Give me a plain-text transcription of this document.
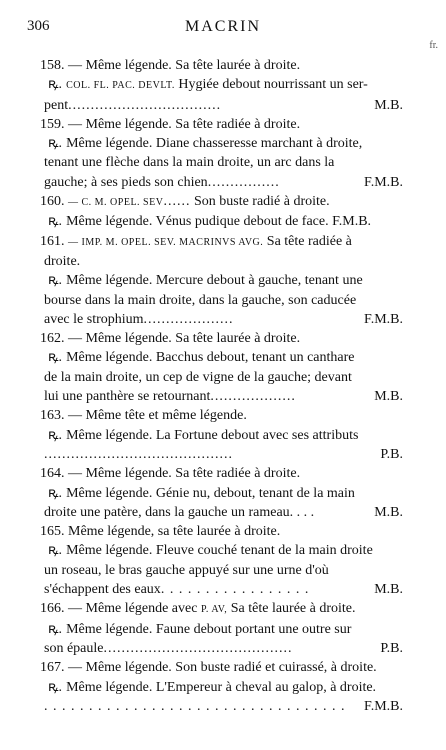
306	MACRIN
fr.

158. — Même légende. Sa tête laurée à droite.

ꝶ. COL. FL. PAC. DEVLT. Hygiée debout nourrissant un ser-

pent..................................	M.B.

159. — Même légende. Sa tête radiée à droite.

ꝶ. Même légende. Diane chasseresse marchant à droite,

tenant une flèche dans la main droite, un arc dans la

gauche; à ses pieds son chien................	F.M.B.

160. — C. M. OPEL. SEV...... Son buste radié à droite.

ꝶ. Même légende. Vénus pudique debout de face. F.M.B.

161. — IMP. M. OPEL. SEV. MACRINVS AVG. Sa tête radiée à

droite.

ꝶ. Même légende. Mercure debout à gauche, tenant une

bourse dans la main droite, dans la gauche, son caducée

avec le strophium....................	F.M.B.

162. — Même légende. Sa tête laurée à droite.

ꝶ. Même légende. Bacchus debout, tenant un canthare

de la main droite, un cep de vigne de la gauche; devant

lui une panthère se retournant...................	M.B.

163. — Même tête et même légende.

ꝶ. Même légende. La Fortune debout avec ses attributs

..........................................	P.B.

164. — Même légende. Sa tête radiée à droite.

ꝶ. Même légende. Génie nu, debout, tenant de la main

droite une patère, dans la gauche un rameau. . . .	M.B.

165. Même légende, sa tête laurée à droite.

ꝶ. Même légende. Fleuve couché tenant de la main droite

un roseau, le bras gauche appuyé sur une urne d'où

s'échappent des eaux. . . . . . . . . . . . . . . . .	M.B.

166. — Même légende avec P. AV, Sa tête laurée à droite.

ꝶ. Même légende. Faune debout portant une outre sur

son épaule..........................................	P.B.

167. — Même légende. Son buste radié et cuirassé, à droite.

ꝶ. Même légende. L'Empereur à cheval au galop, à droite.

. . . . . . . . . . . . . . . . . . . . . . . . . . . . . . . . . . F.M.B.
